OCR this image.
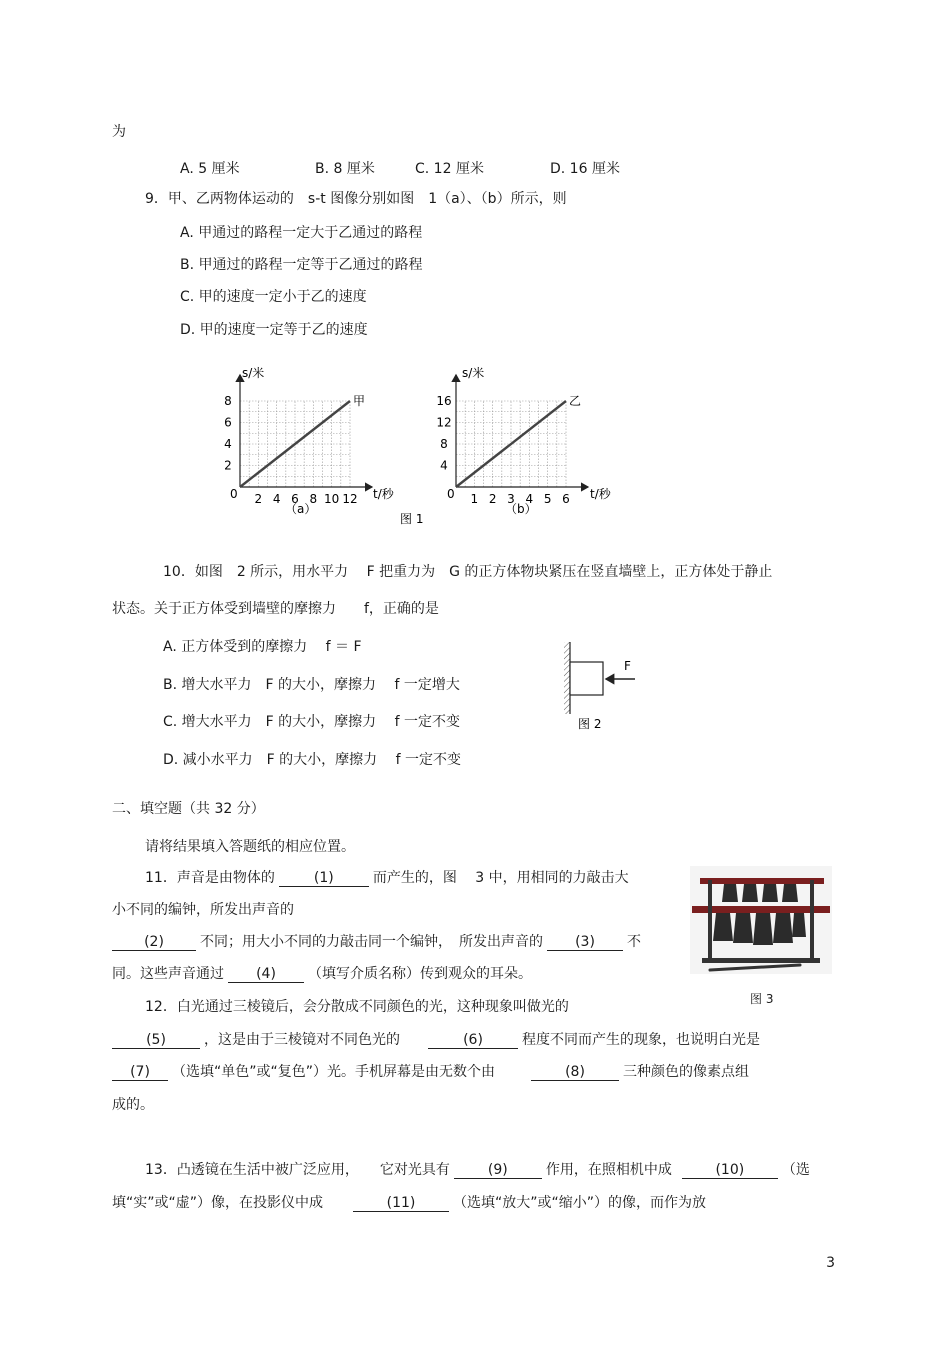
为
A. 5 厘米	B. 8 厘米	C. 12 厘米	D. 16 厘米
9．甲、乙两物体运动的　s-t 图像分别如图　1（a）、（b）所示，则
A. 甲通过的路程一定大于乙通过的路程
B. 甲通过的路程一定等于乙通过的路程
C. 甲的速度一定小于乙的速度
D. 甲的速度一定等于乙的速度
2
4
6
8
2 4 6 8 10 12
甲
4
8
12
16
1 2 3 4 5 6
乙
s/米
t/秒
0
（a）
s/米
t/秒
0
（b）
图 1
10．如图　2 所示，用水平力　 F 把重力为　G 的正方体物块紧压在竖直墙壁上，正方体处于静止
状态。关于正方体受到墙壁的摩擦力　　f，正确的是
A. 正方体受到的摩擦力　 f ＝ F
B. 增大水平力　F 的大小，摩擦力　 f 一定增大
C. 增大水平力　F 的大小，摩擦力　 f 一定不变
D. 减小水平力　F 的大小，摩擦力　 f 一定不变
F
图 2
二、填空题（共 32 分）
请将结果填入答题纸的相应位置。
11．声音是由物体的	(1)	而产生的，图　 3 中，用相同的力敲击大
小不同的编钟，所发出声音的
(2)	不同；用大小不同的力敲击同一个编钟，　所发出声音的 (3) 不
同。这些声音通过 (4) （填写介质名称）传到观众的耳朵。
图 3
12．白光通过三棱镜后，会分散成不同颜色的光，这种现象叫做光的
(5)	，这是由于三棱镜对不同色光的	(6)	程度不同而产生的现象，也说明白光是
(7) （选填“单色”或“复色”）光。手机屏幕是由无数个由	(8)	三种颜色的像素点组
成的。
13．凸透镜在生活中被广泛应用，　　它对光具有	(9)	作用，在照相机中成	(10)	（选
填“实”或“虚”）像，在投影仪中成	(11)	（选填“放大”或“缩小”）的像，而作为放
3
